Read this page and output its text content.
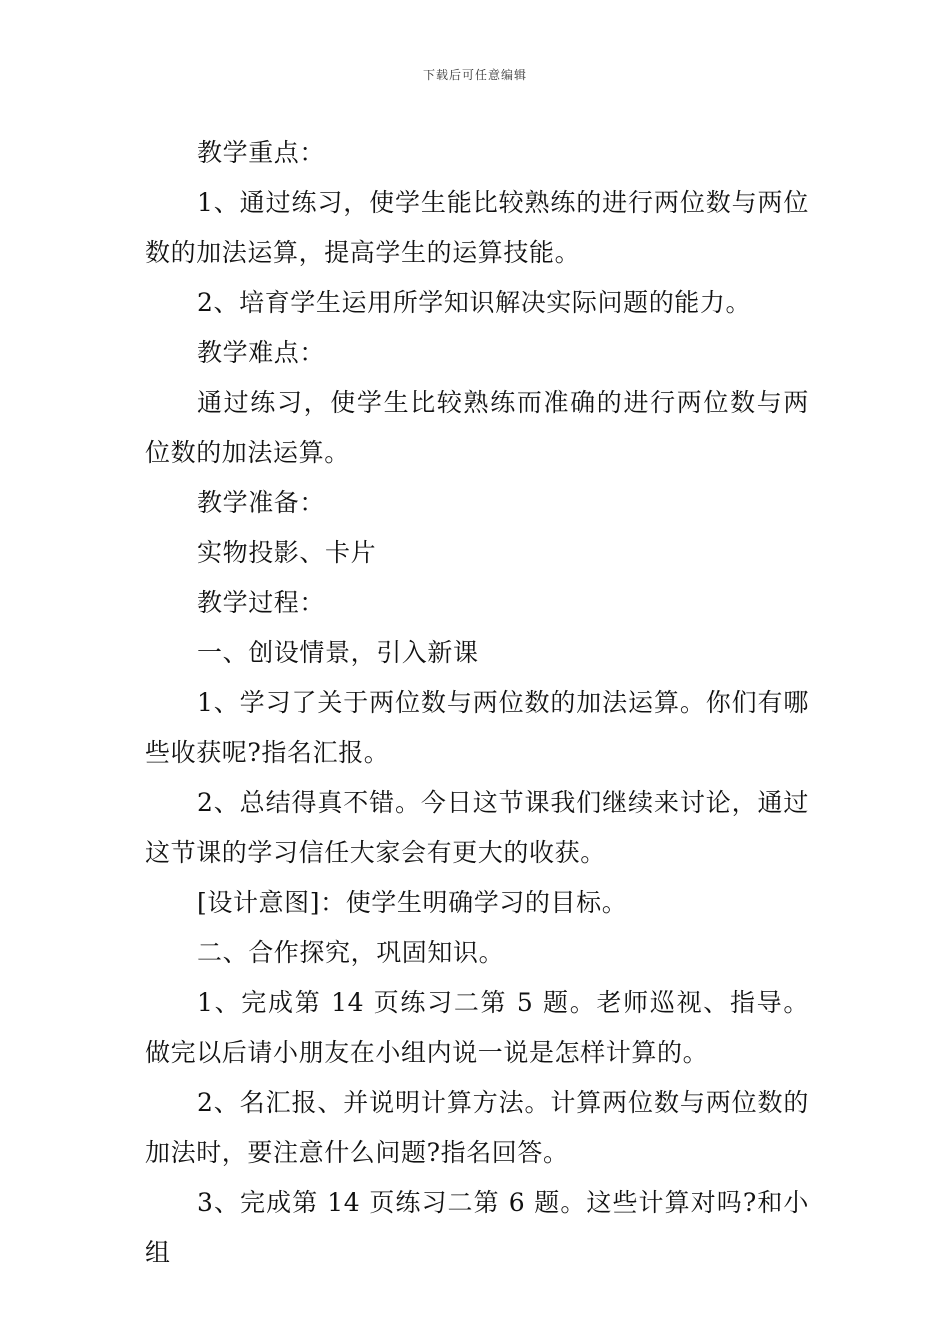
下载后可任意编辑

教学重点：

1、通过练习，使学生能比较熟练的进行两位数与两位数的加法运算，提高学生的运算技能。

2、培育学生运用所学知识解决实际问题的能力。

教学难点：

通过练习，使学生比较熟练而准确的进行两位数与两位数的加法运算。

教学准备：

实物投影、卡片

教学过程：

一、创设情景，引入新课

1、学习了关于两位数与两位数的加法运算。你们有哪些收获呢?指名汇报。

2、总结得真不错。今日这节课我们继续来讨论，通过这节课的学习信任大家会有更大的收获。

[设计意图]：使学生明确学习的目标。

二、合作探究，巩固知识。

1、完成第 14 页练习二第 5 题。老师巡视、指导。做完以后请小朋友在小组内说一说是怎样计算的。

2、名汇报、并说明计算方法。计算两位数与两位数的加法时，要注意什么问题?指名回答。

3、完成第 14 页练习二第 6 题。这些计算对吗?和小组
